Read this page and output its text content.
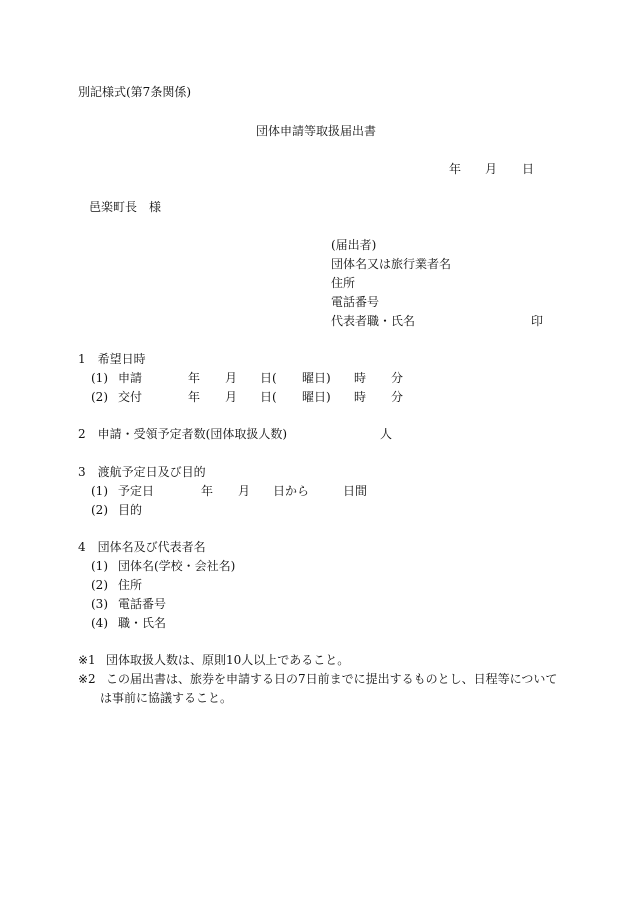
別記様式(第7条関係)

団体申請等取扱届出書

年 月 日

邑楽町長　様

(届出者)

団体名又は旅行業者名

住所

電話番号

代表者職・氏名	印

1　希望日時

(1) 申請	年 月 日( 曜日) 時 分

(2) 交付	年 月 日( 曜日) 時 分

2　申請・受領予定者数(団体取扱人数)	人

3　渡航予定日及び目的

(1) 予定日	年 月 日から	日間

(2) 目的

4　団体名及び代表者名

(1) 団体名(学校・会社名)

(2) 住所

(3) 電話番号

(4) 職・氏名

※1 団体取扱人数は、原則10人以上であること。

※2 この届出書は、旅券を申請する日の7日前までに提出するものとし、日程等について

は事前に協議すること。
